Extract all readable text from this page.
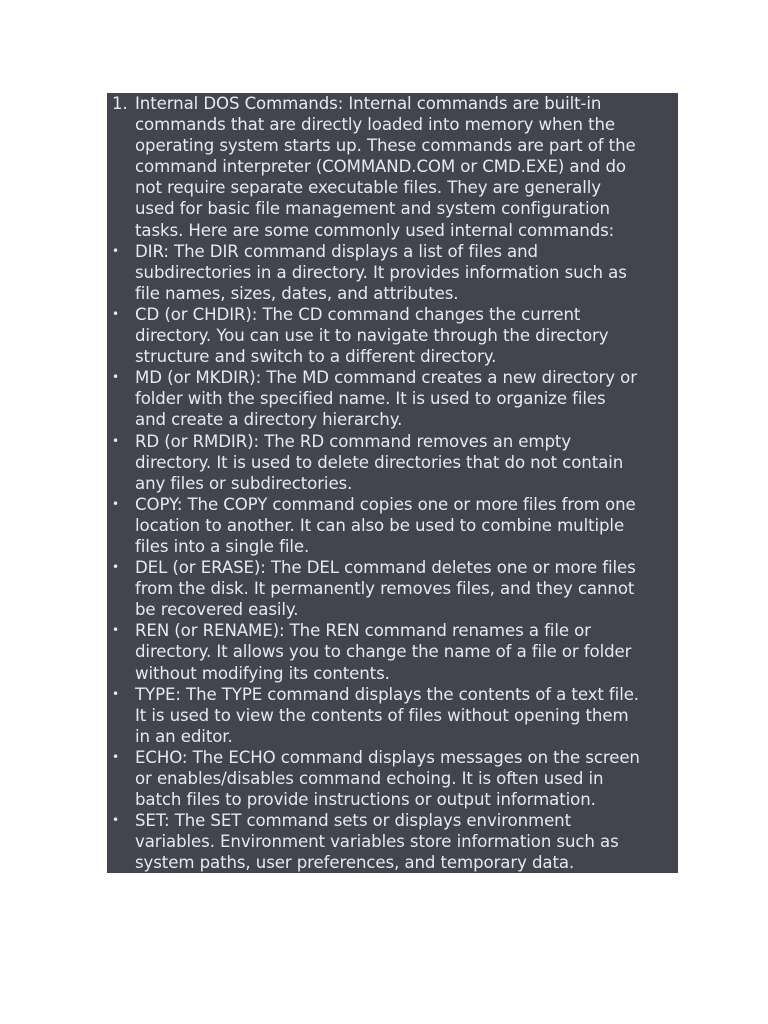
1. Internal DOS Commands: Internal commands are built-in
commands that are directly loaded into memory when the
operating system starts up. These commands are part of the
command interpreter (COMMAND.COM or CMD.EXE) and do
not require separate executable files. They are generally
used for basic file management and system configuration
tasks. Here are some commonly used internal commands:
• DIR: The DIR command displays a list of files and
subdirectories in a directory. It provides information such as
file names, sizes, dates, and attributes.
• CD (or CHDIR): The CD command changes the current
directory. You can use it to navigate through the directory
structure and switch to a different directory.
• MD (or MKDIR): The MD command creates a new directory or
folder with the specified name. It is used to organize files
and create a directory hierarchy.
• RD (or RMDIR): The RD command removes an empty
directory. It is used to delete directories that do not contain
any files or subdirectories.
• COPY: The COPY command copies one or more files from one
location to another. It can also be used to combine multiple
files into a single file.
• DEL (or ERASE): The DEL command deletes one or more files
from the disk. It permanently removes files, and they cannot
be recovered easily.
• REN (or RENAME): The REN command renames a file or
directory. It allows you to change the name of a file or folder
without modifying its contents.
• TYPE: The TYPE command displays the contents of a text file.
It is used to view the contents of files without opening them
in an editor.
• ECHO: The ECHO command displays messages on the screen
or enables/disables command echoing. It is often used in
batch files to provide instructions or output information.
• SET: The SET command sets or displays environment
variables. Environment variables store information such as
system paths, user preferences, and temporary data.
